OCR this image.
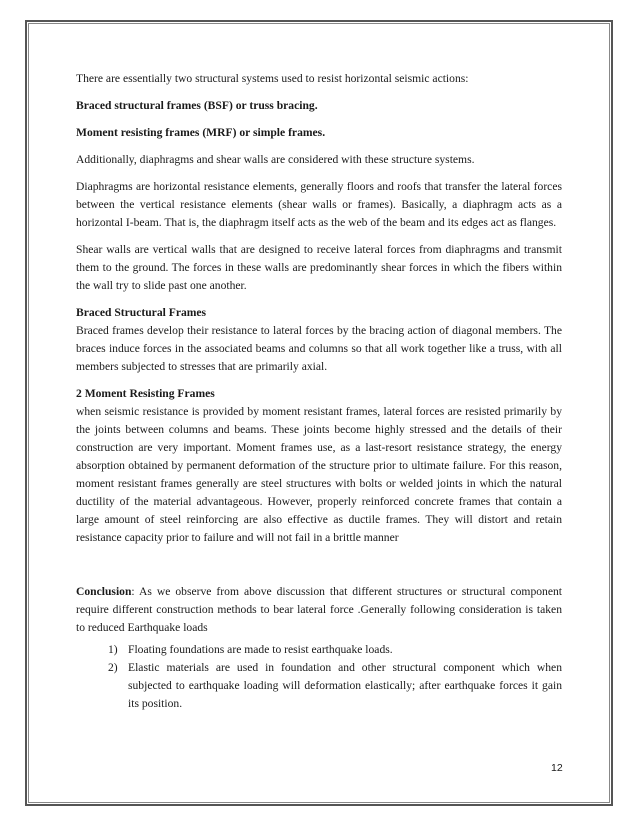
There are essentially two structural systems used to resist horizontal seismic actions:

Braced structural frames (BSF) or truss bracing.

Moment resisting frames (MRF) or simple frames.

Additionally, diaphragms and shear walls are considered with these structure systems.

Diaphragms are horizontal resistance elements, generally floors and roofs that transfer the lateral forces between the vertical resistance elements (shear walls or frames). Basically, a diaphragm acts as a horizontal I-beam. That is, the diaphragm itself acts as the web of the beam and its edges act as flanges.

Shear walls are vertical walls that are designed to receive lateral forces from diaphragms and transmit them to the ground. The forces in these walls are predominantly shear forces in which the fibers within the wall try to slide past one another.

Braced Structural Frames
Braced frames develop their resistance to lateral forces by the bracing action of diagonal members. The braces induce forces in the associated beams and columns so that all work together like a truss, with all members subjected to stresses that are primarily axial.
2 Moment Resisting Frames
when seismic resistance is provided by moment resistant frames, lateral forces are resisted primarily by the joints between columns and beams. These joints become highly stressed and the details of their construction are very important. Moment frames use, as a last-resort resistance strategy, the energy absorption obtained by permanent deformation of the structure prior to ultimate failure. For this reason, moment resistant frames generally are steel structures with bolts or welded joints in which the natural ductility of the material advantageous. However, properly reinforced concrete frames that contain a large amount of steel reinforcing are also effective as ductile frames. They will distort and retain resistance capacity prior to failure and will not fail in a brittle manner
Conclusion: As we observe from above discussion that different structures or structural component require different construction methods to bear lateral force .Generally following consideration is taken to reduced Earthquake loads
1) Floating foundations are made to resist earthquake loads.
2) Elastic materials are used in foundation and other structural component which when subjected to earthquake loading will deformation elastically; after earthquake forces it gain its position.
12
